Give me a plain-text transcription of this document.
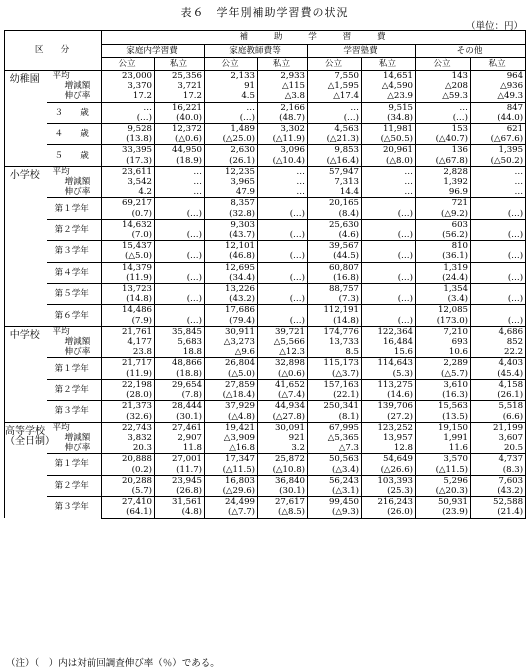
表６　学年別補助学習費の状況
（単位：円）
区　　分		補　　　助　　　学　　　習　　　費							
		家庭内学習費		家庭教師費等		学習塾費		その他	
		公立	私立	公立	私立	公立	私立	公立	私立

幼稚園	平均	23,000	25,356	2,133	2,933	7,550	14,651	143	964
	増減額	3,370	3,721	91	△115	△1,595	△4,590	△208	△936
	伸び率	17.2	17.2	4.5	△3.8	△17.4	△23.9	△59.3	△49.3
	３　　歳	…	16,221	…	2,166	…	9,515	…	847
		(…)	(40.0)	(…)	(48.7)	(…)	(34.8)	(…)	(44.0)
	４　　歳	9,528	12,372	1,489	3,302	4,563	11,981	153	621
		(13.8)	(△0.6)	(△25.0)	(△11.9)	(△21.3)	(△50.5)	(△40.7)	(△67.6)
	５　　歳	33,395	44,950	2,630	3,096	9,853	20,961	136	1,395
		(17.3)	(18.9)	(26.1)	(△10.4)	(△16.4)	(△8.0)	(△67.8)	(△50.2)

小学校	平均	23,611	…	12,235	…	57,947	…	2,828	…
	増減額	3,542	…	3,965	…	7,313	…	1,392	…
	伸び率	4.2	…	47.9	…	14.4	…	96.9	…
	第１学年	69,217		8,357		20,165		721	
		(0.7)	(…)	(32.8)	(…)	(8.4)	(…)	(△9.2)	(…)
	第２学年	14,632		9,303		25,630		603	
		(7.0)	(…)	(43.7)	(…)	(4.6)	(…)	(56.2)	(…)
	第３学年	15,437		12,101		39,567		810	
		(△5.0)	(…)	(46.8)	(…)	(44.5)	(…)	(36.1)	(…)
	第４学年	14,379		12,695		60,807		1,319	
		(11.9)	(…)	(34.4)	(…)	(16.8)	(…)	(24.4)	(…)
	第５学年	13,723		13,226		88,757		1,354	
		(14.8)	(…)	(43.2)	(…)	(7.3)	(…)	(3.4)	(…)
	第６学年	14,486		17,686		112,191		12,085	
		(7.9)	(…)	(79.4)	(…)	(14.8)	(…)	(173.0)	(…)

中学校	平均	21,761	35,845	30,911	39,721	174,776	122,364	7,210	4,686
	増減額	4,177	5,683	△3,273	△5,566	13,733	16,484	693	852
	伸び率	23.8	18.8	△9.6	△12.3	8.5	15.6	10.6	22.2
	第１学年	21,717	48,866	26,804	32,898	115,173	114,643	2,289	4,403
		(11.9)	(18.8)	(△5.0)	(△0.6)	(△3.7)	(5.3)	(△5.7)	(45.4)
	第２学年	22,198	29,654	27,859	41,652	157,163	113,275	3,610	4,158
		(28.0)	(7.8)	(△18.4)	(△7.4)	(22.1)	(14.6)	(16.3)	(26.1)
	第３学年	21,373	28,444	37,929	44,934	250,341	139,706	15,563	5,518
		(32.6)	(30.1)	(△4.8)	(△27.8)	(8.1)	(27.2)	(13.5)	(6.6)

高等学校
（全日制）	平均	22,743	27,461	19,421	30,091	67,995	123,252	19,150	21,199
	増減額	3,832	2,907	△3,909	921	△5,365	13,957	1,991	3,607
	伸び率	20.3	11.8	△16.8	3.2	△7.3	12.8	11.6	20.5
	第１学年	20,888	27,001	17,347	25,872	50,563	54,649	3,570	4,737
		(0.2)	(11.7)	(△11.5)	(△10.8)	(△3.4)	(△26.6)	(△11.5)	(8.3)
	第２学年	20,288	23,945	16,803	36,840	56,243	103,393	5,296	7,603
		(5.7)	(26.8)	(△29.6)	(30.1)	(△3.1)	(25.3)	(△20.3)	(43.2)
	第３学年	27,410	31,561	24,499	27,617	99,450	216,243	50,931	52,588
		(64.1)	(4.8)	(△7.7)	(△8.5)	(△9.3)	(26.0)	(23.9)	(21.4)
（注）（　）内は対前回調査伸び率（％）である。
